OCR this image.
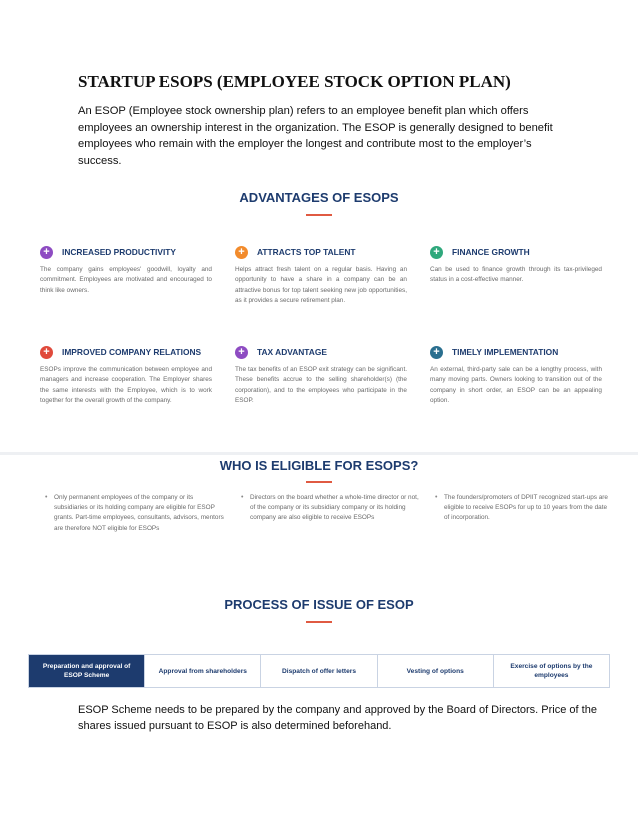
STARTUP ESOPS (EMPLOYEE STOCK OPTION PLAN)
An ESOP (Employee stock ownership plan) refers to an employee benefit plan which offers employees an ownership interest in the organization. The ESOP is generally designed to benefit employees who remain with the employer the longest and contribute most to the employer’s success.
ADVANTAGES OF ESOPS
+	INCREASED PRODUCTIVITY
The company gains employees' goodwill, loyalty and commitment. Employees are motivated and encouraged to think like owners.
+	ATTRACTS TOP TALENT
Helps attract fresh talent on a regular basis. Having an opportunity to have a share in a company can be an attractive bonus for top talent seeking new job opportunities, as it provides a secure retirement plan.
+	FINANCE GROWTH
Can be used to finance growth through its tax-privileged status in a cost-effective manner.
+	IMPROVED COMPANY RELATIONS
ESOPs improve the communication between employee and managers and increase cooperation. The Employer shares the same interests with the Employee, which is to work together for the overall growth of the company.
+	TAX ADVANTAGE
The tax benefits of an ESOP exit strategy can be significant. These benefits accrue to the selling shareholder(s) (the corporation), and to the employees who participate in the ESOP.
+	TIMELY IMPLEMENTATION
An external, third-party sale can be a lengthy process, with many moving parts. Owners looking to transition out of the company in short order, an ESOP can be an appealing option.
WHO IS ELIGIBLE FOR ESOPS?
• Only permanent employees of the company or its subsidiaries or its holding company are eligible for ESOP grants. Part-time employees, consultants, advisors, mentors are therefore NOT eligible for ESOPs
• Directors on the board whether a whole-time director or not, of the company or its subsidiary company or its holding company are also eligible to receive ESOPs
• The founders/promoters of DPIIT recognized start-ups are eligible to receive ESOPs for up to 10 years from the date of incorporation.
PROCESS OF ISSUE OF ESOP
Preparation and approval of ESOP Scheme
Approval from shareholders	Dispatch of offer letters	Vesting of options
Exercise of options by the employees
ESOP Scheme needs to be prepared by the company and approved by the Board of Directors. Price of the shares issued pursuant to ESOP is also determined beforehand.
